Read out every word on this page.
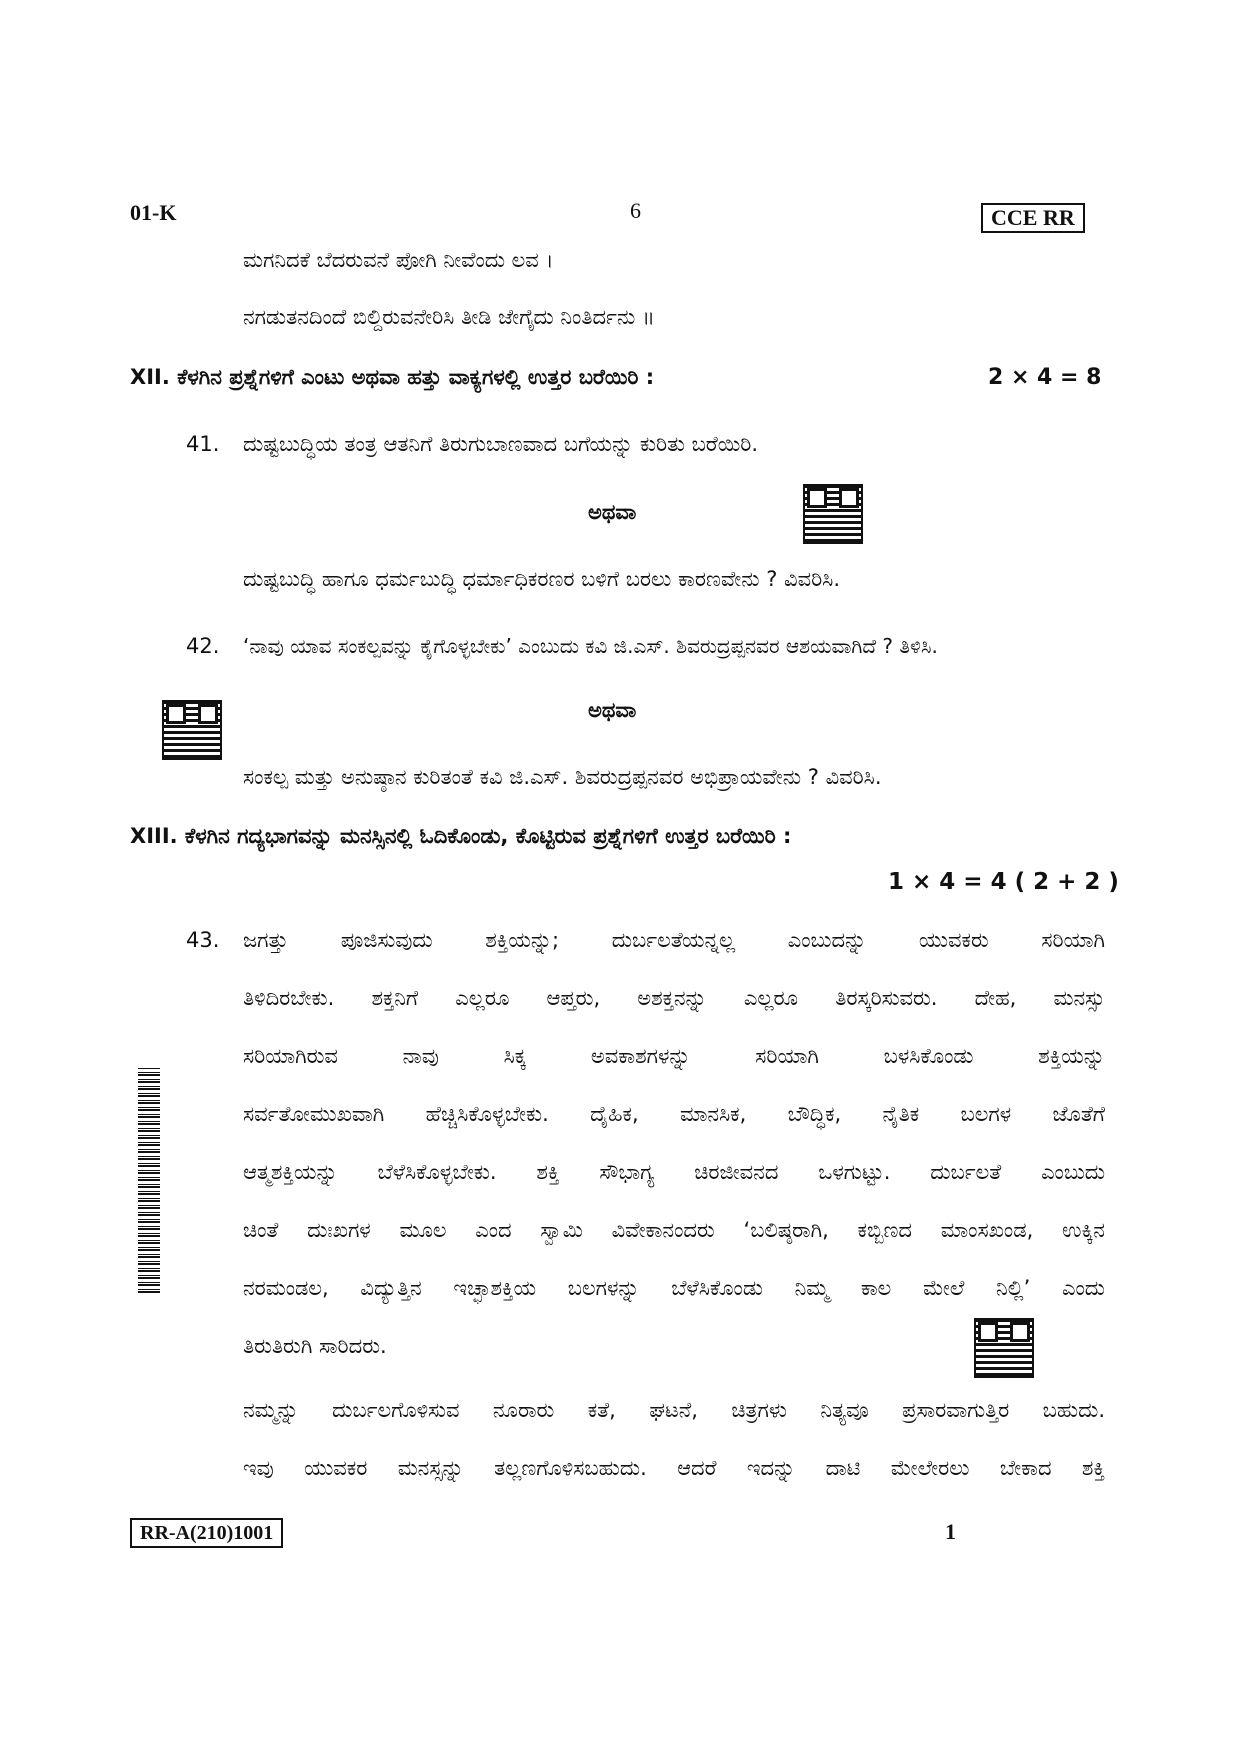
01-K	6	CCE RR
ಮಗನಿದಕೆ ಬೆದರುವನೆ ಪೋಗಿ ನೀವೆಂದು ಲವ ।
ನಗಡುತನದಿಂದೆ ಬಿಲ್ದಿರುವನೇರಿಸಿ ತೀಡಿ ಜೇಗೈದು ನಿಂತಿರ್ದನು ॥
XII. ಕೆಳಗಿನ ಪ್ರಶ್ನೆಗಳಿಗೆ ಎಂಟು ಅಥವಾ ಹತ್ತು ವಾಕ್ಯಗಳಲ್ಲಿ ಉತ್ತರ ಬರೆಯಿರಿ :	2 × 4 = 8
41. ದುಷ್ಟಬುದ್ಧಿಯ ತಂತ್ರ ಆತನಿಗೆ ತಿರುಗುಬಾಣವಾದ ಬಗೆಯನ್ನು ಕುರಿತು ಬರೆಯಿರಿ.
ಅಥವಾ
ದುಷ್ಟಬುದ್ಧಿ ಹಾಗೂ ಧರ್ಮಬುದ್ಧಿ ಧರ್ಮಾಧಿಕರಣರ ಬಳಿಗೆ ಬರಲು ಕಾರಣವೇನು ? ವಿವರಿಸಿ.
42. ‘ನಾವು ಯಾವ ಸಂಕಲ್ಪವನ್ನು ಕೈಗೊಳ್ಳಬೇಕು’ ಎಂಬುದು ಕವಿ ಜಿ.ಎಸ್. ಶಿವರುದ್ರಪ್ಪನವರ ಆಶಯವಾಗಿದೆ ? ತಿಳಿಸಿ.
ಅಥವಾ
ಸಂಕಲ್ಪ ಮತ್ತು ಅನುಷ್ಠಾನ ಕುರಿತಂತೆ ಕವಿ ಜಿ.ಎಸ್. ಶಿವರುದ್ರಪ್ಪನವರ ಅಭಿಪ್ರಾಯವೇನು ? ವಿವರಿಸಿ.
XIII. ಕೆಳಗಿನ ಗದ್ಯಭಾಗವನ್ನು ಮನಸ್ಸಿನಲ್ಲಿ ಓದಿಕೊಂಡು, ಕೊಟ್ಟಿರುವ ಪ್ರಶ್ನೆಗಳಿಗೆ ಉತ್ತರ ಬರೆಯಿರಿ :
1 × 4 = 4 ( 2 + 2 )
43. ಜಗತ್ತು ಪೂಜಿಸುವುದು ಶಕ್ತಿಯನ್ನು; ದುರ್ಬಲತೆಯನ್ನಲ್ಲ ಎಂಬುದನ್ನು ಯುವಕರು ಸರಿಯಾಗಿ
ತಿಳಿದಿರಬೇಕು. ಶಕ್ತನಿಗೆ ಎಲ್ಲರೂ ಆಪ್ತರು, ಅಶಕ್ತನನ್ನು ಎಲ್ಲರೂ ತಿರಸ್ಕರಿಸುವರು. ದೇಹ, ಮನಸ್ಸು
ಸರಿಯಾಗಿರುವ ನಾವು ಸಿಕ್ಕ ಅವಕಾಶಗಳನ್ನು ಸರಿಯಾಗಿ ಬಳಸಿಕೊಂಡು ಶಕ್ತಿಯನ್ನು
ಸರ್ವತೋಮುಖವಾಗಿ ಹೆಚ್ಚಿಸಿಕೊಳ್ಳಬೇಕು. ದೈಹಿಕ, ಮಾನಸಿಕ, ಬೌದ್ಧಿಕ, ನೈತಿಕ ಬಲಗಳ ಜೊತೆಗೆ
ಆತ್ಮಶಕ್ತಿಯನ್ನು ಬೆಳೆಸಿಕೊಳ್ಳಬೇಕು. ಶಕ್ತಿ ಸೌಭಾಗ್ಯ ಚಿರಜೀವನದ ಒಳಗುಟ್ಟು. ದುರ್ಬಲತೆ ಎಂಬುದು
ಚಿಂತೆ ದುಃಖಗಳ ಮೂಲ ಎಂದ ಸ್ವಾಮಿ ವಿವೇಕಾನಂದರು ‘ಬಲಿಷ್ಠರಾಗಿ, ಕಬ್ಬಿಣದ ಮಾಂಸಖಂಡ, ಉಕ್ಕಿನ
ನರಮಂಡಲ, ವಿದ್ಯುತ್ತಿನ ಇಚ್ಛಾಶಕ್ತಿಯ ಬಲಗಳನ್ನು ಬೆಳೆಸಿಕೊಂಡು ನಿಮ್ಮ ಕಾಲ ಮೇಲೆ ನಿಲ್ಲಿ’ ಎಂದು
ತಿರುತಿರುಗಿ ಸಾರಿದರು.
ನಮ್ಮನ್ನು ದುರ್ಬಲಗೊಳಿಸುವ ನೂರಾರು ಕತೆ, ಘಟನೆ, ಚಿತ್ರಗಳು ನಿತ್ಯವೂ ಪ್ರಸಾರವಾಗುತ್ತಿರ ಬಹುದು.
ಇವು ಯುವಕರ ಮನಸ್ಸನ್ನು ತಲ್ಲಣಗೊಳಿಸಬಹುದು. ಆದರೆ ಇದನ್ನು ದಾಟಿ ಮೇಲೇರಲು ಬೇಕಾದ ಶಕ್ತಿ
RR-A(210)1001	1
